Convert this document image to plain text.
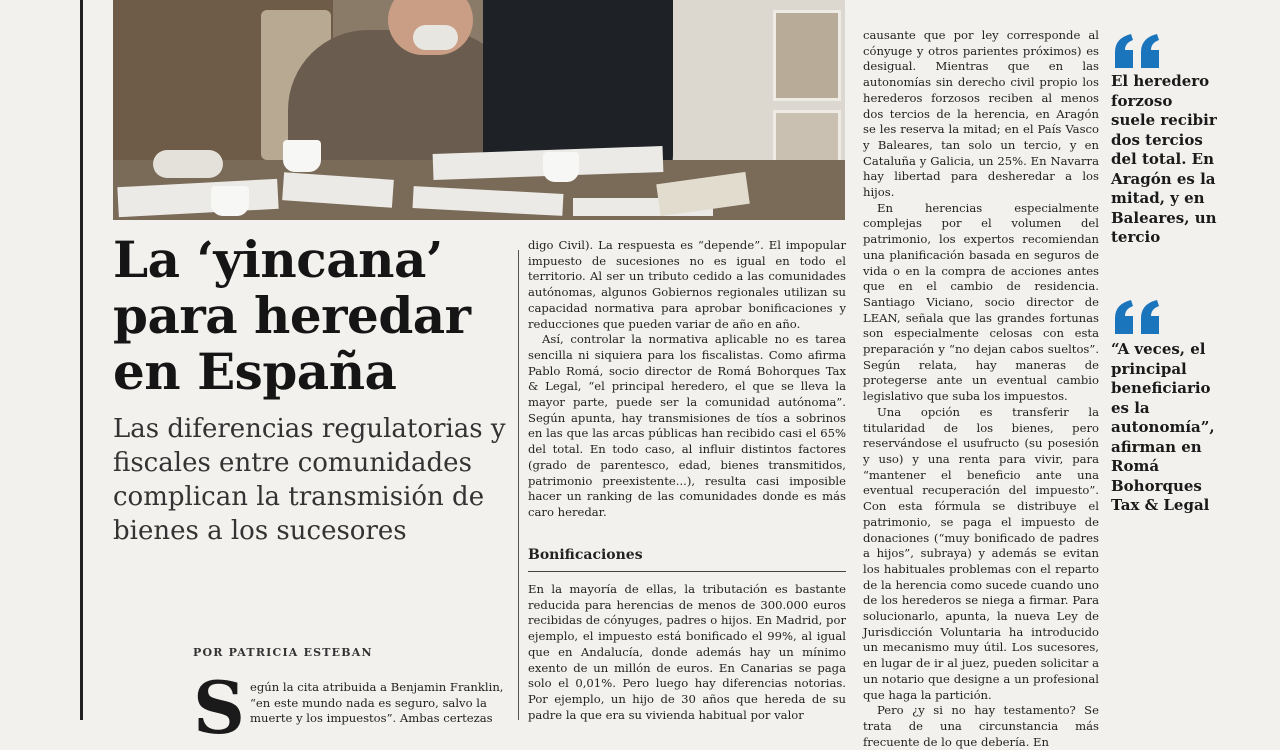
La ‘yincana’ para heredar en España
Las diferencias regulatorias y fiscales entre comunidades complican la transmisión de bienes a los sucesores

POR PATRICIA ESTEBAN

S egún la cita atribuida a Benjamin Franklin,

“en este mundo nada es seguro, salvo la

muerte y los impuestos”. Ambas certezas

digo Civil). La respuesta es “depende”. El impopular impuesto de sucesiones no es igual en todo el territorio. Al ser un tributo cedido a las comunidades autónomas, algunos Gobiernos regionales utilizan su capacidad normativa para aprobar bonificaciones y reducciones que pueden variar de año en año.

Así, controlar la normativa aplicable no es tarea sencilla ni siquiera para los fiscalistas. Como afirma Pablo Romá, socio director de Romá Bohorques Tax & Legal, “el principal heredero, el que se lleva la mayor parte, puede ser la comunidad autónoma”. Según apunta, hay transmisiones de tíos a sobrinos en las que las arcas públicas han recibido casi el 65% del total. En todo caso, al influir distintos factores (grado de parentesco, edad, bienes transmitidos, patrimonio preexistente...), resulta casi imposible hacer un ranking de las comunidades donde es más caro heredar.

Bonificaciones

En la mayoría de ellas, la tributación es bastante reducida para herencias de menos de 300.000 euros recibidas de cónyuges, padres o hijos. En Madrid, por ejemplo, el impuesto está bonificado el 99%, al igual que en Andalucía, donde además hay un mínimo exento de un millón de euros. En Canarias se paga solo el 0,01%. Pero luego hay diferencias notorias. Por ejemplo, un hijo de 30 años que hereda de su padre la que era su vivienda habitual por valor

causante que por ley corresponde al cónyuge y otros parientes próximos) es desigual. Mientras que en las autonomías sin derecho civil propio los herederos forzosos reciben al menos dos tercios de la herencia, en Aragón se les reserva la mitad; en el País Vasco y Baleares, tan solo un tercio, y en Cataluña y Galicia, un 25%. En Navarra hay libertad para desheredar a los hijos.

En herencias especialmente complejas por el volumen del patrimonio, los expertos recomiendan una planificación basada en seguros de vida o en la compra de acciones antes que en el cambio de residencia. Santiago Viciano, socio director de LEAN, señala que las grandes fortunas son especialmente celosas con esta preparación y “no dejan cabos sueltos”. Según relata, hay maneras de protegerse ante un eventual cambio legislativo que suba los impuestos.

Una opción es transferir la titularidad de los bienes, pero reservándose el usufructo (su posesión y uso) y una renta para vivir, para “mantener el beneficio ante una eventual recuperación del impuesto”. Con esta fórmula se distribuye el patrimonio, se paga el impuesto de donaciones (“muy bonificado de padres a hijos”, subraya) y además se evitan los habituales problemas con el reparto de la herencia como sucede cuando uno de los herederos se niega a firmar. Para solucionarlo, apunta, la nueva Ley de Jurisdicción Voluntaria ha introducido un mecanismo muy útil. Los sucesores, en lugar de ir al juez, pueden solicitar a un notario que designe a un profesional que haga la partición.

Pero ¿y si no hay testamento? Se trata de una circunstancia más frecuente de lo que debería. En

El heredero forzoso suele recibir dos tercios del total. En Aragón es la mitad, y en Baleares, un tercio

“A veces, el principal beneficiario es la autonomía”, afirman en Romá Bohorques Tax & Legal
